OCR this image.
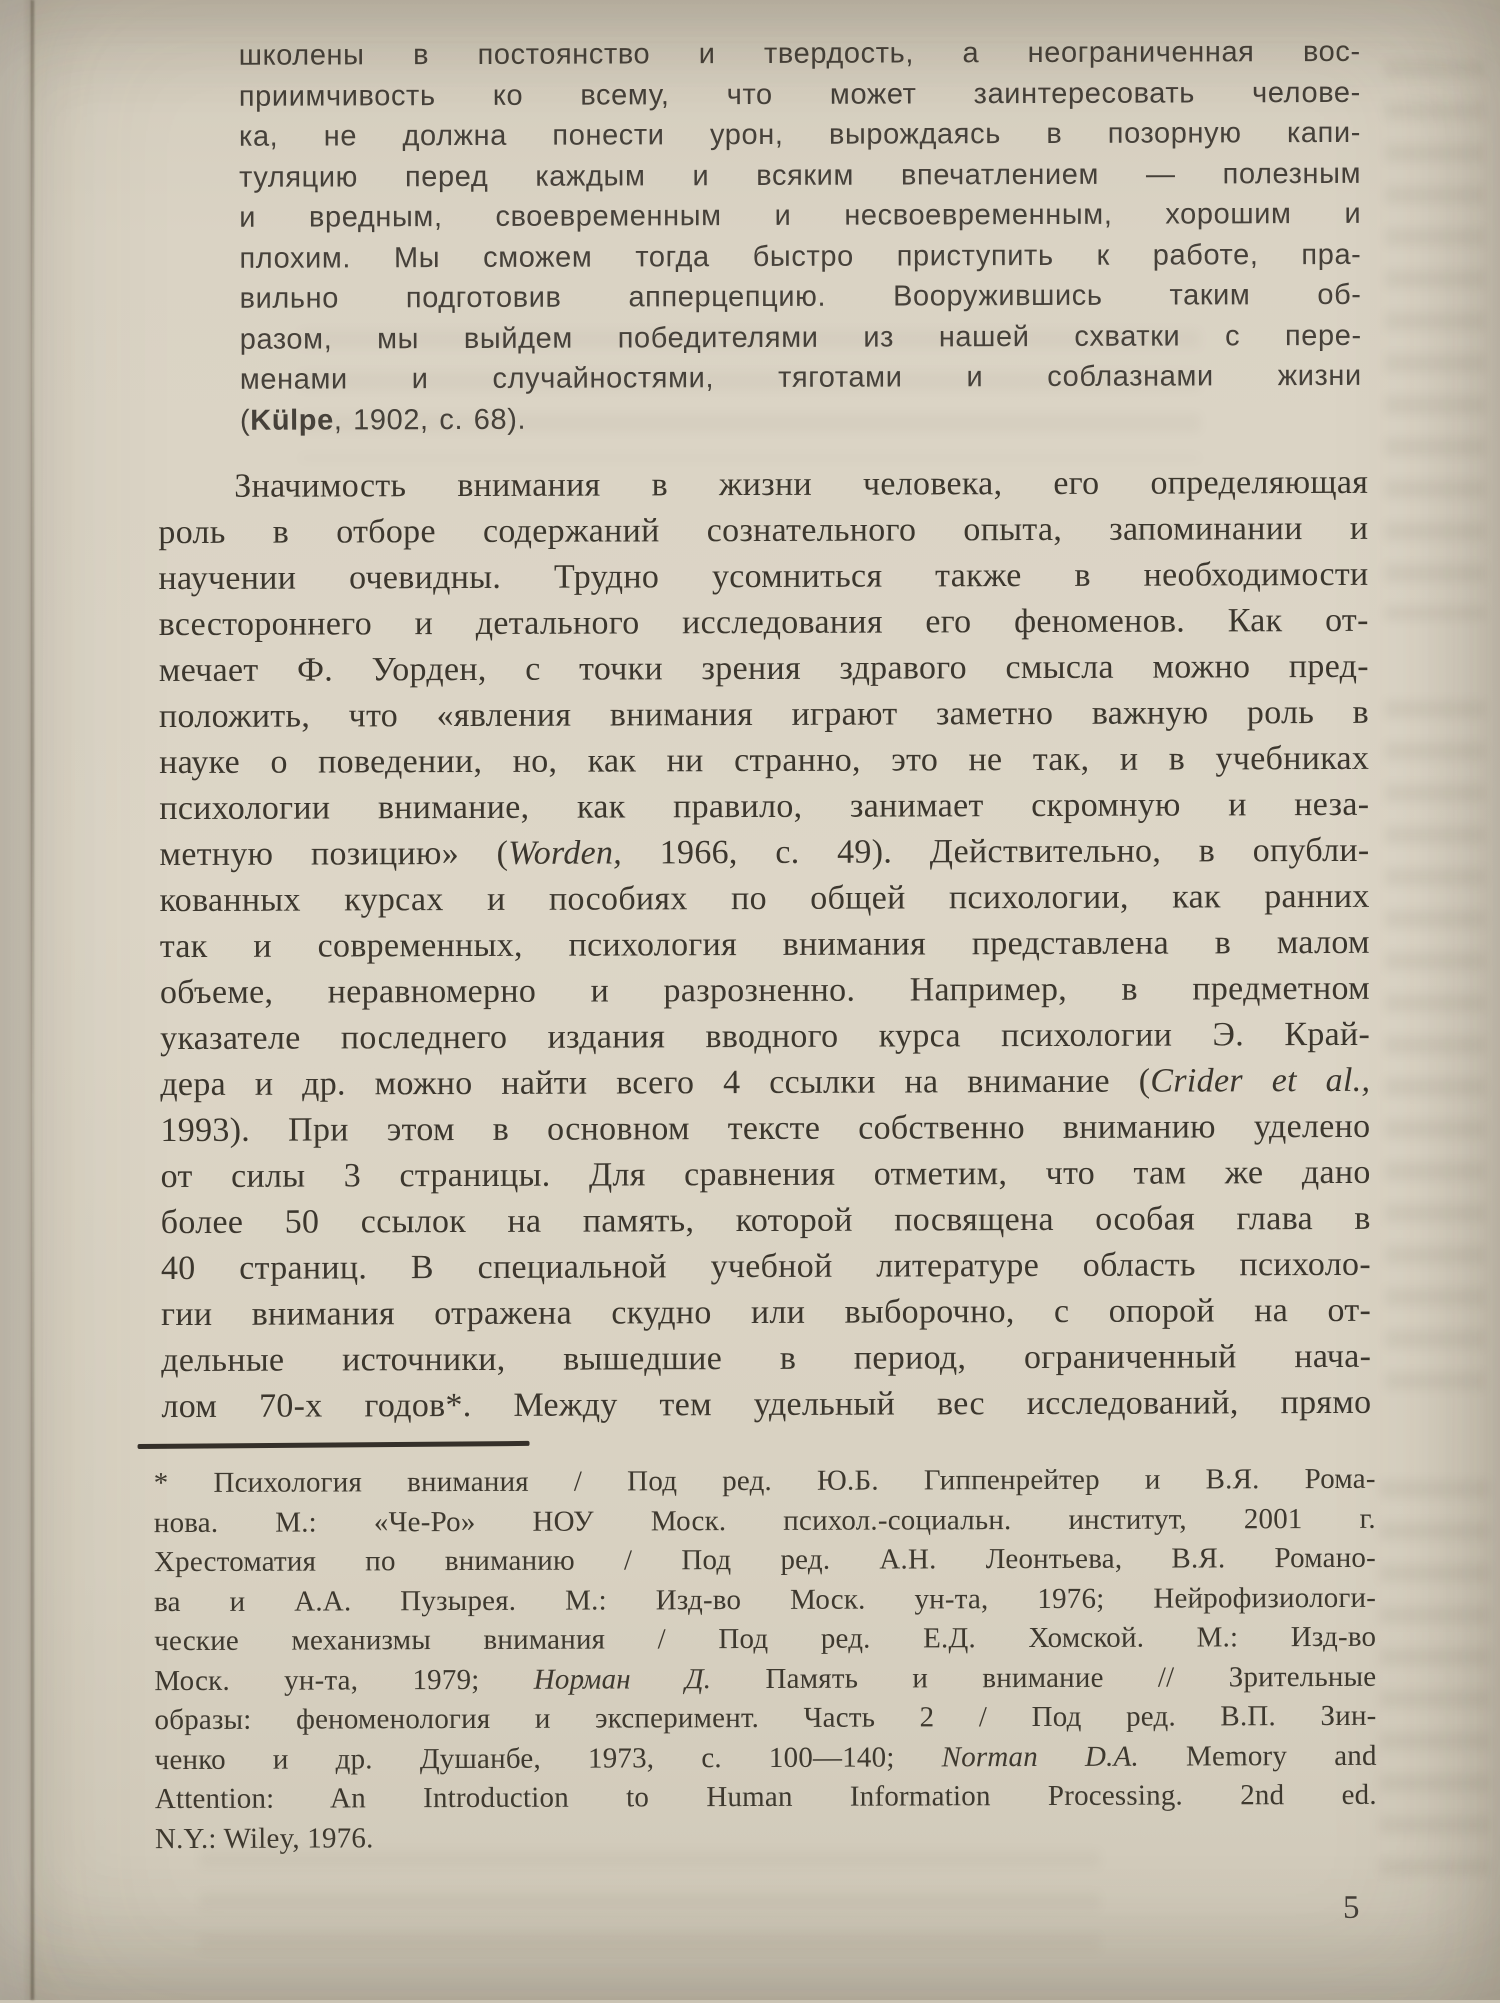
школены в постоянство и твердость, а неограниченная вос-
приимчивость ко всему, что может заинтересовать челове-
ка, не должна понести урон, вырождаясь в позорную капи-
туляцию перед каждым и всяким впечатлением — полезным
и вредным, своевременным и несвоевременным, хорошим и
плохим. Мы сможем тогда быстро приступить к работе, пра-
вильно подготовив апперцепцию. Вооружившись таким об-
разом, мы выйдем победителями из нашей схватки с пере-
менами и случайностями, тяготами и соблазнами жизни
(Külpe, 1902, с. 68).
Значимость внимания в жизни человека, его определяющая
роль в отборе содержаний сознательного опыта, запоминании и
научении очевидны. Трудно усомниться также в необходимости
всестороннего и детального исследования его феноменов. Как от-
мечает Ф. Уорден, с точки зрения здравого смысла можно пред-
положить, что «явления внимания играют заметно важную роль в
науке о поведении, но, как ни странно, это не так, и в учебниках
психологии внимание, как правило, занимает скромную и неза-
метную позицию» (Worden, 1966, с. 49). Действительно, в опубли-
кованных курсах и пособиях по общей психологии, как ранних
так и современных, психология внимания представлена в малом
объеме, неравномерно и разрозненно. Например, в предметном
указателе последнего издания вводного курса психологии Э. Край-
дера и др. можно найти всего 4 ссылки на внимание (Crider et al.,
1993). При этом в основном тексте собственно вниманию уделено
от силы 3 страницы. Для сравнения отметим, что там же дано
более 50 ссылок на память, которой посвящена особая глава в
40 страниц. В специальной учебной литературе область психоло-
гии внимания отражена скудно или выборочно, с опорой на от-
дельные источники, вышедшие в период, ограниченный нача-
лом 70-х годов*. Между тем удельный вес исследований, прямо
* Психология внимания / Под ред. Ю.Б. Гиппенрейтер и В.Я. Рома-
нова. М.: «Че-Ро» НОУ Моск. психол.-социальн. институт, 2001 г.
Хрестоматия по вниманию / Под ред. А.Н. Леонтьева, В.Я. Романо-
ва и А.А. Пузырея. М.: Изд-во Моск. ун-та, 1976; Нейрофизиологи-
ческие механизмы внимания / Под ред. Е.Д. Хомской. М.: Изд-во
Моск. ун-та, 1979; Норман Д. Память и внимание // Зрительные
образы: феноменология и эксперимент. Часть 2 / Под ред. В.П. Зин-
ченко и др. Душанбе, 1973, с. 100—140; Norman D.A. Memory and
Attention: An Introduction to Human Information Processing. 2nd ed.
N.Y.: Wiley, 1976.
5
